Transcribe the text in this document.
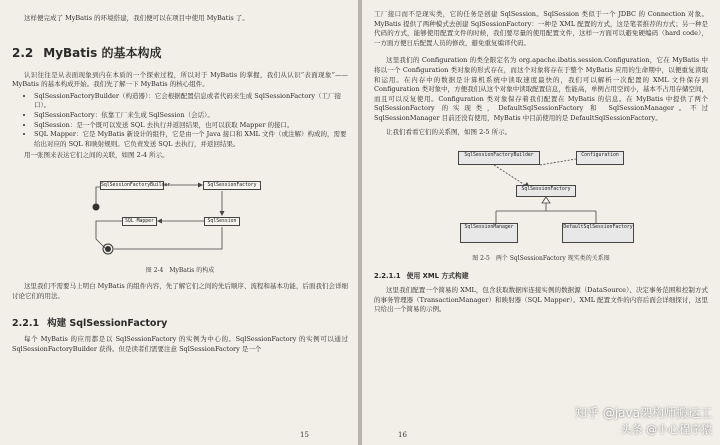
这样便完成了 MyBatis 的环境搭建，我们便可以在项目中使用 MyBatis 了。

2.2 MyBatis 的基本构成

认识往往是从表面现象到内在本质的一个探索过程，所以对于 MyBatis 的掌握，我们从认识“表面现象”——MyBatis 的基本构成开始。我们先了解一下 MyBatis 的核心组件。

• SqlSessionFactoryBuilder（构造器）：它会根据配置信息或者代码来生成 SqlSessionFactory（工厂接口）。
• SqlSessionFactory：依靠工厂来生成 SqlSession（会话）。
• SqlSession：是一个既可以发送 SQL 去执行并返回结果，也可以获取 Mapper 的接口。
• SQL Mapper：它是 MyBatis 新设计的组件，它是由一个 Java 接口和 XML 文件（或注解）构成的，需要给出对应的 SQL 和映射规则。它负责发送 SQL 去执行，并返回结果。

用一张图来表达它们之间的关联，如图 2-4 所示。

SqlSessionFactoryBuilder	SqlSessionFactory
SQL Mapper	SqlSession
图 2-4　MyBatis 的构成

这里我们不需要马上明白 MyBatis 的组件内容，先了解它们之间的先后顺序、流程和基本功能，后面我们会详细讨论它们的用法。

2.2.1 构建 SqlSessionFactory

每个 MyBatis 的应用都是以 SqlSessionFactory 的实例为中心的。SqlSessionFactory 的实例可以通过 SqlSessionFactoryBuilder 获得。但是读者们需要注意 SqlSessionFactory 是一个

15

工厂接口而不是现实类，它的任务是创建 SqlSession。SqlSession 类似于一个 JDBC 的 Connection 对象。MyBatis 提供了两种模式去创建 SqlSessionFactory：一种是 XML 配置的方式，这是笔者推荐的方式；另一种是代码的方式，能够使用配置文件的时候，我们要尽量的使用配置文件，这样一方面可以避免硬编码（hard code），一方面方便日后配置人员的修改，避免重复编译代码。

这里我们的 Configuration 的类全限定名为 org.apache.ibatis.session.Configuration，它在 MyBatis 中将以一个 Configuration 类对象的形式存在，而这个对象将存在于整个 MyBatis 应用的生命期中，以便重复读取和运用。在内存中的数据是计算机系统中读取速度最快的，我们可以解析一次配置的 XML 文件保存到 Configuration 类对象中，方便我们从这个对象中读取配置信息，性能高，单例占用空间小，基本不占用存储空间，而且可以反复使用。Configuration 类对象保存着我们配置在 MyBatis 的信息。在 MyBatis 中提供了两个 SqlSessionFactory 的实现类，DefaultSqlSessionFactory 和 SqlSessionManager。不过 SqlSessionManager 目前还没有使用，MyBatis 中目前使用的是 DefaultSqlSessionFactory。

让我们看看它们的关系图，如图 2-5 所示。

SqlSessionFactoryBuilder	Configuration
SqlSessionFactory
SqlSessionManager	DefaultSqlSessionFactory
图 2-5　两个 SqlSessionFactory 现实类的关系图
2.2.1.1 使用 XML 方式构建

这里我们配置一个简易的 XML，包含获取数据库连接实例的数据源（DataSource）、决定事务范围和控制方式的事务管理器（TransactionManager）和映射器（SQL Mapper）。XML 配置文件的内容后面会详细探讨，这里只给出一个简易的示例。

16
知乎 @java架构师搬运工
头条 @小心程序猿
